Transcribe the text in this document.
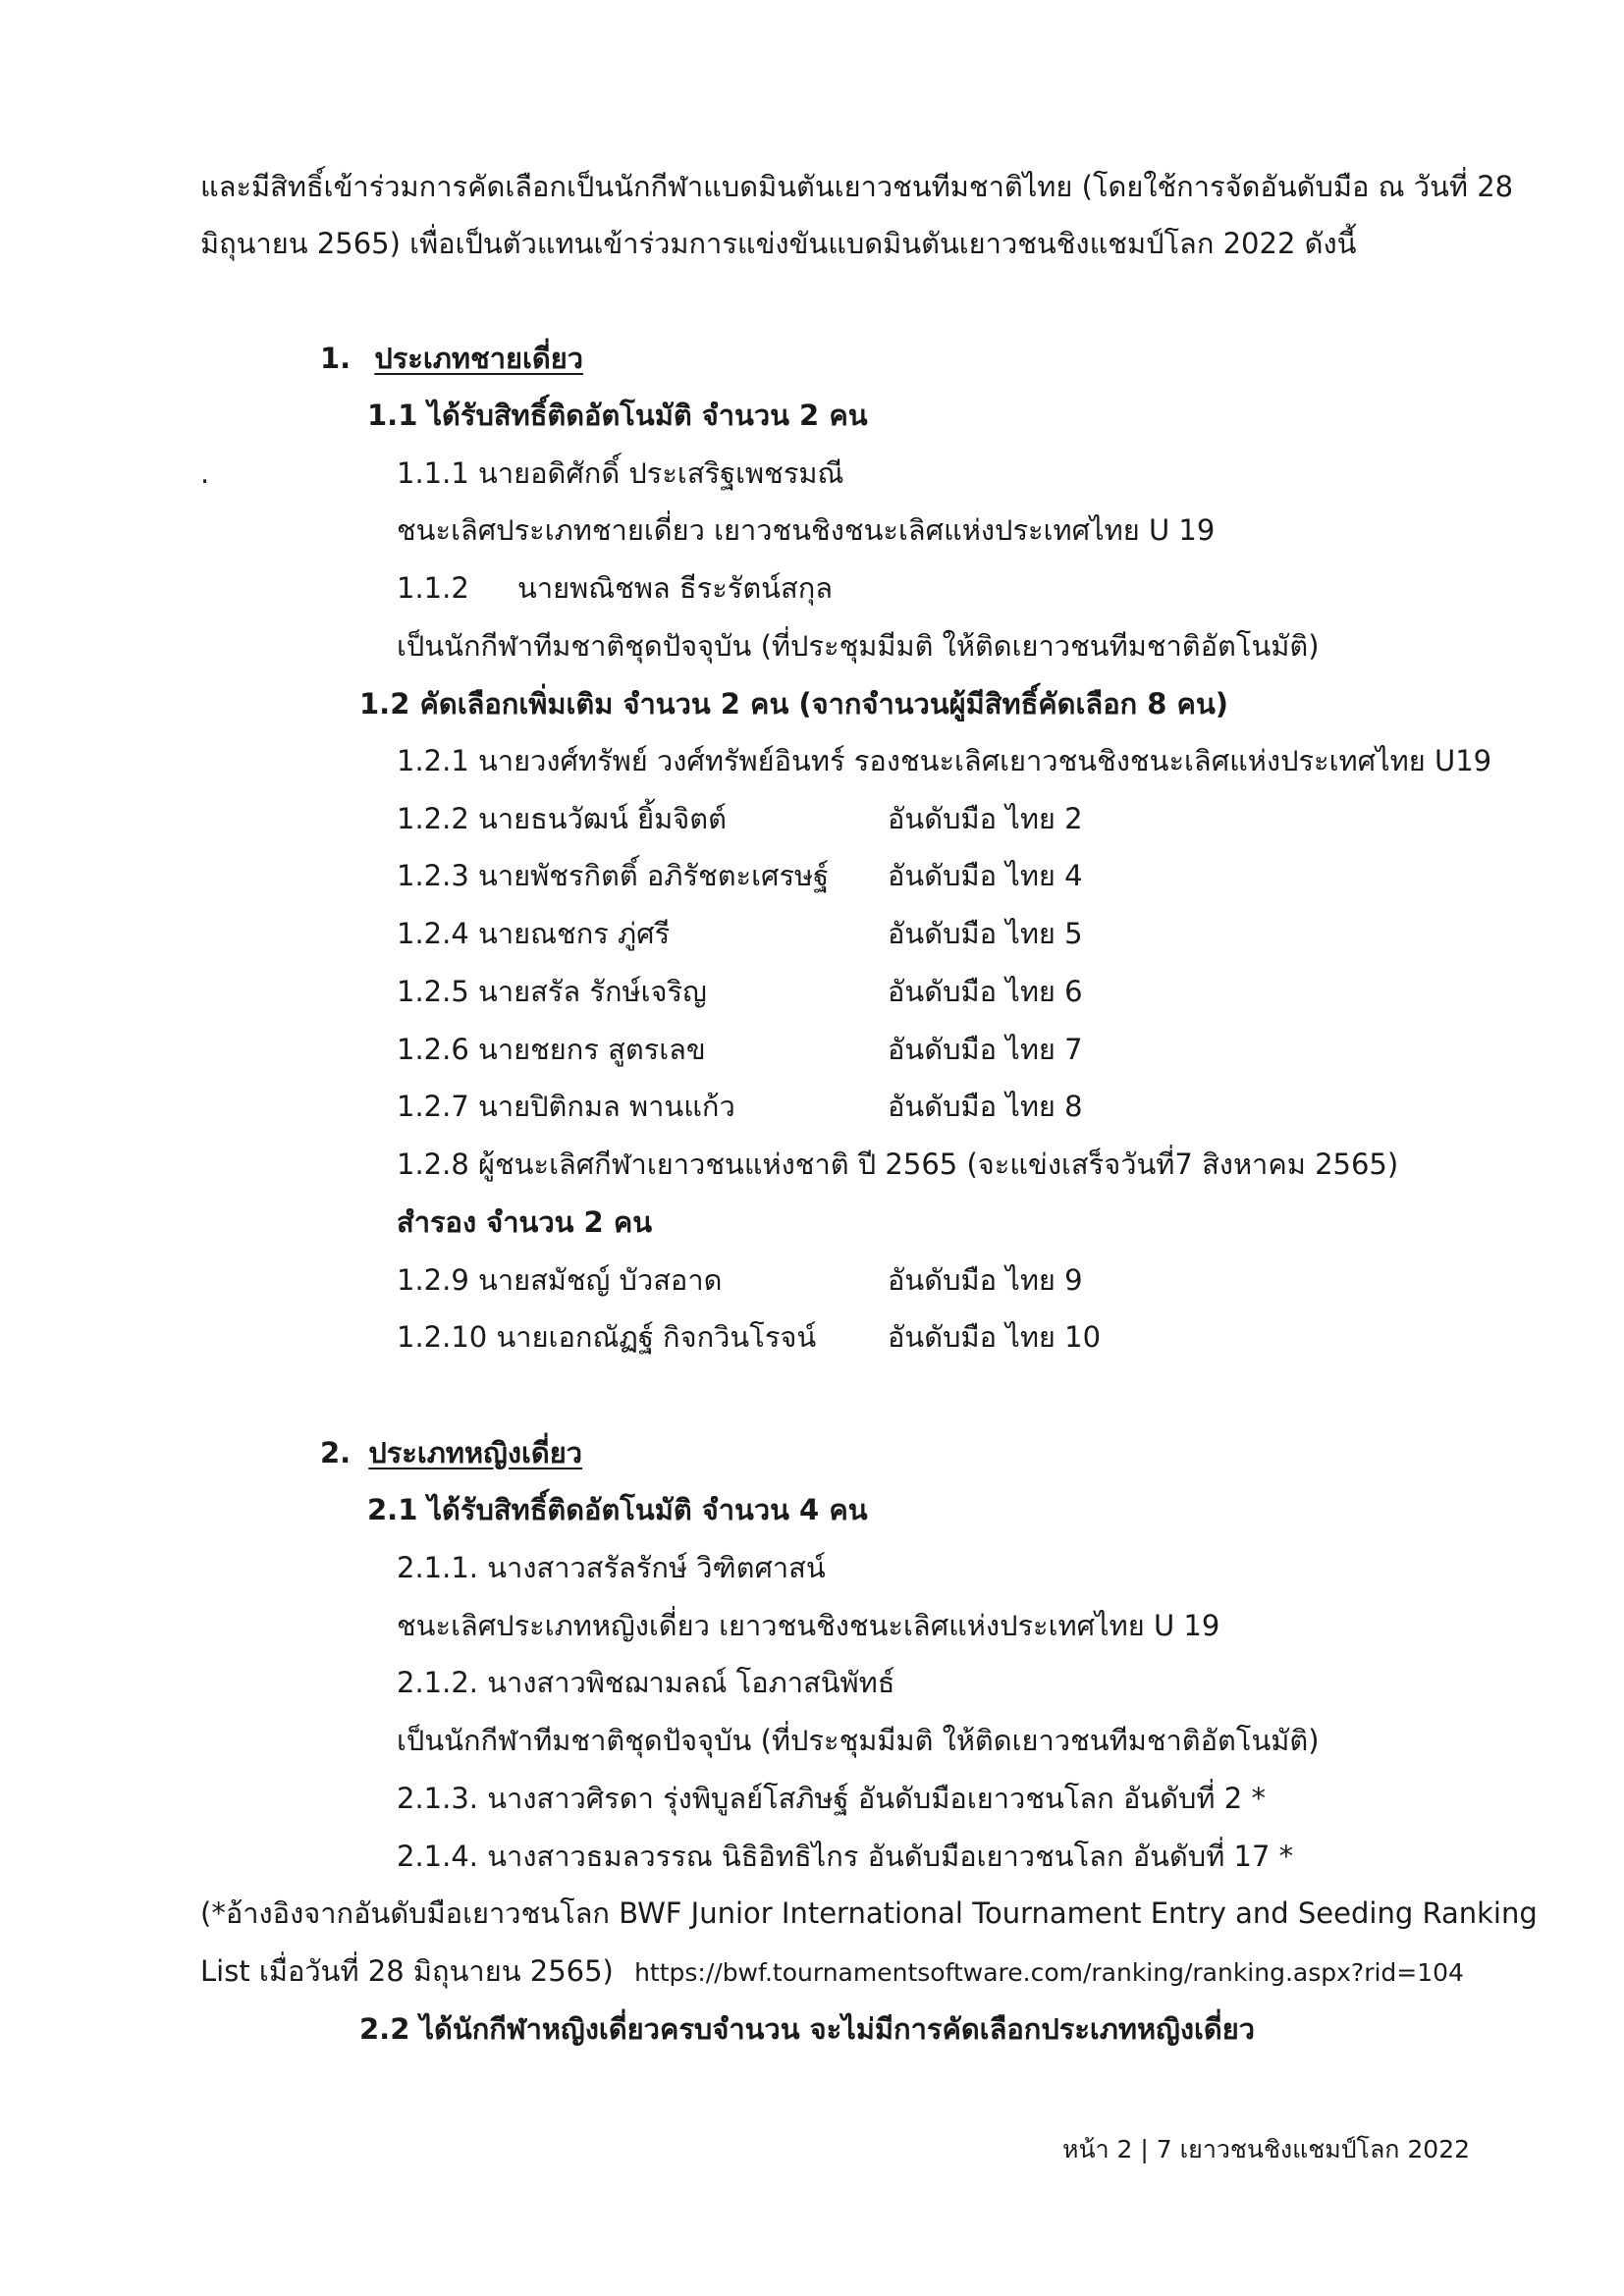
และมีสิทธิ์เข้าร่วมการคัดเลือกเป็นนักกีฬาแบดมินตันเยาวชนทีมชาติไทย (โดยใช้การจัดอันดับมือ ณ วันที่ 28
มิถุนายน 2565) เพื่อเป็นตัวแทนเข้าร่วมการแข่งขันแบดมินตันเยาวชนชิงแชมป์โลก 2022 ดังนี้
1. ประเภทชายเดี่ยว
1.1 ได้รับสิทธิ์ติดอัตโนมัติ จำนวน 2 คน
.	1.1.1 นายอดิศักดิ์ ประเสริฐเพชรมณี
ชนะเลิศประเภทชายเดี่ยว เยาวชนชิงชนะเลิศแห่งประเทศไทย U 19
1.1.2 นายพณิชพล ธีระรัตน์สกุล
เป็นนักกีฬาทีมชาติชุดปัจจุบัน (ที่ประชุมมีมติ ให้ติดเยาวชนทีมชาติอัตโนมัติ)
1.2 คัดเลือกเพิ่มเติม จำนวน 2 คน (จากจำนวนผู้มีสิทธิ์คัดเลือก 8 คน)
1.2.1 นายวงศ์ทรัพย์ วงศ์ทรัพย์อินทร์ รองชนะเลิศเยาวชนชิงชนะเลิศแห่งประเทศไทย U19
1.2.2 นายธนวัฒน์ ยิ้มจิตต์	อันดับมือ ไทย 2
1.2.3 นายพัชรกิตติ์ อภิรัชตะเศรษฐ์ อันดับมือ ไทย 4
1.2.4 นายณชกร ภู่ศรี	อันดับมือ ไทย 5
1.2.5 นายสรัล รักษ์เจริญ	อันดับมือ ไทย 6
1.2.6 นายชยกร สูตรเลข	อันดับมือ ไทย 7
1.2.7 นายปิติกมล พานแก้ว	อันดับมือ ไทย 8
1.2.8 ผู้ชนะเลิศกีฬาเยาวชนแห่งชาติ ปี 2565 (จะแข่งเสร็จวันที่7 สิงหาคม 2565)
สำรอง จำนวน 2 คน
1.2.9 นายสมัชญ์ บัวสอาด	อันดับมือ ไทย 9
1.2.10 นายเอกณัฏฐ์ กิจกวินโรจน์	อันดับมือ ไทย 10
2. ประเภทหญิงเดี่ยว
2.1 ได้รับสิทธิ์ติดอัตโนมัติ จำนวน 4 คน
2.1.1. นางสาวสรัลรักษ์ วิฑิตศาสน์
ชนะเลิศประเภทหญิงเดี่ยว เยาวชนชิงชนะเลิศแห่งประเทศไทย U 19
2.1.2. นางสาวพิชฌามลณ์ โอภาสนิพัทธ์
เป็นนักกีฬาทีมชาติชุดปัจจุบัน (ที่ประชุมมีมติ ให้ติดเยาวชนทีมชาติอัตโนมัติ)
2.1.3. นางสาวศิรดา รุ่งพิบูลย์โสภิษฐ์ อันดับมือเยาวชนโลก อันดับที่ 2 *
2.1.4. นางสาวธมลวรรณ นิธิอิทธิไกร อันดับมือเยาวชนโลก อันดับที่ 17 *
(*อ้างอิงจากอันดับมือเยาวชนโลก BWF Junior International Tournament Entry and Seeding Ranking
List เมื่อวันที่ 28 มิถุนายน 2565) https://bwf.tournamentsoftware.com/ranking/ranking.aspx?rid=104
2.2 ได้นักกีฬาหญิงเดี่ยวครบจำนวน จะไม่มีการคัดเลือกประเภทหญิงเดี่ยว
หน้า 2 | 7 เยาวชนชิงแชมป์โลก 2022
